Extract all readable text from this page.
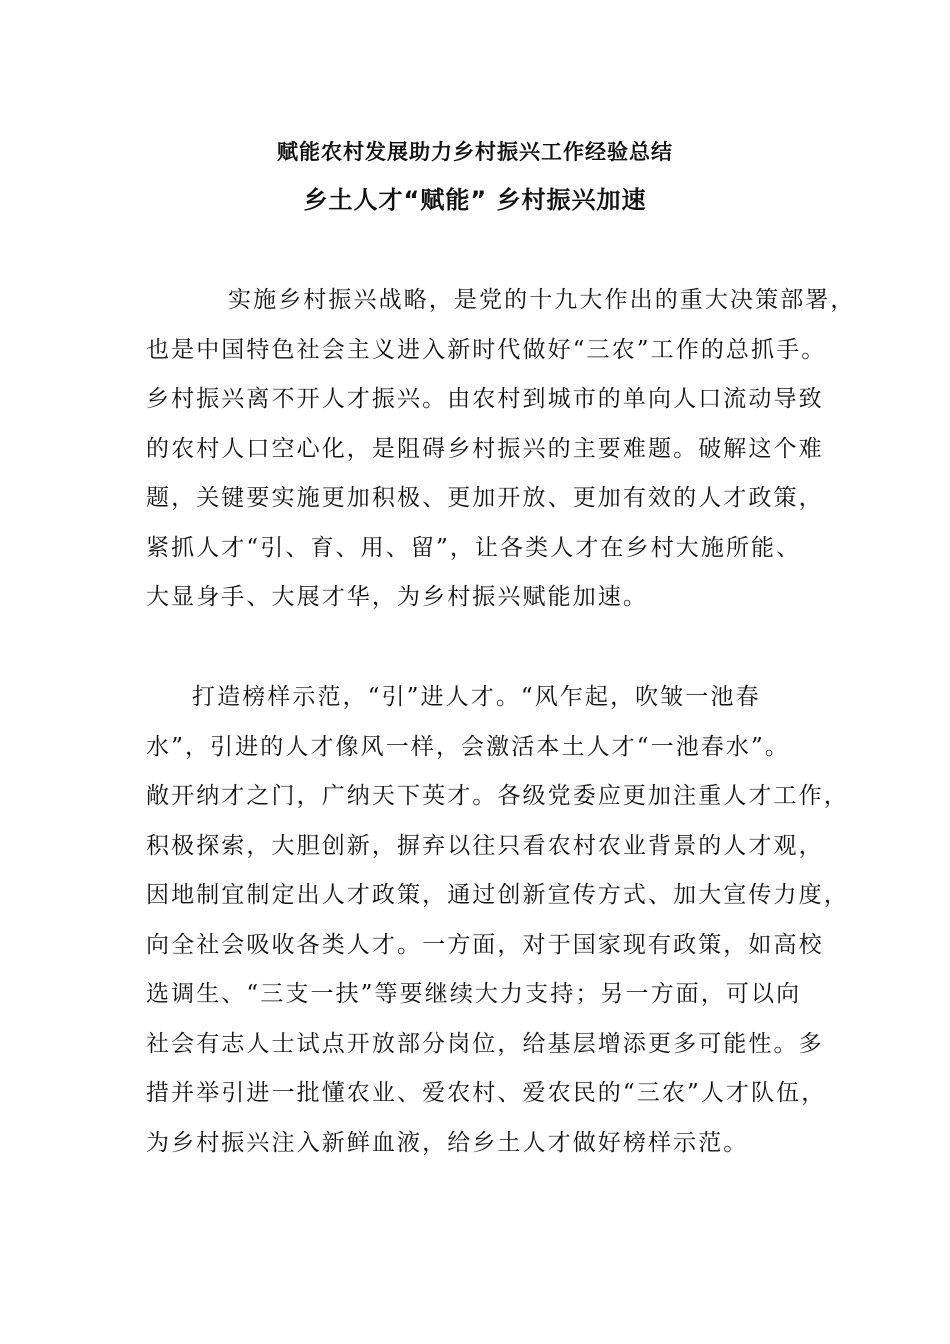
赋能农村发展助力乡村振兴工作经验总结
乡土人才“赋能” 乡村振兴加速
实施乡村振兴战略，是党的十九大作出的重大决策部署，
也是中国特色社会主义进入新时代做好“三农”工作的总抓手。
乡村振兴离不开人才振兴。由农村到城市的单向人口流动导致
的农村人口空心化，是阻碍乡村振兴的主要难题。破解这个难
题，关键要实施更加积极、更加开放、更加有效的人才政策，
紧抓人才“引、育、用、留”，让各类人才在乡村大施所能、
大显身手、大展才华，为乡村振兴赋能加速。
打造榜样示范，“引”进人才。“风乍起，吹皱一池春
水”，引进的人才像风一样，会激活本土人才“一池春水”。
敞开纳才之门，广纳天下英才。各级党委应更加注重人才工作，
积极探索，大胆创新，摒弃以往只看农村农业背景的人才观，
因地制宜制定出人才政策，通过创新宣传方式、加大宣传力度，
向全社会吸收各类人才。一方面，对于国家现有政策，如高校
选调生、“三支一扶”等要继续大力支持；另一方面，可以向
社会有志人士试点开放部分岗位，给基层增添更多可能性。多
措并举引进一批懂农业、爱农村、爱农民的“三农”人才队伍，
为乡村振兴注入新鲜血液，给乡土人才做好榜样示范。
